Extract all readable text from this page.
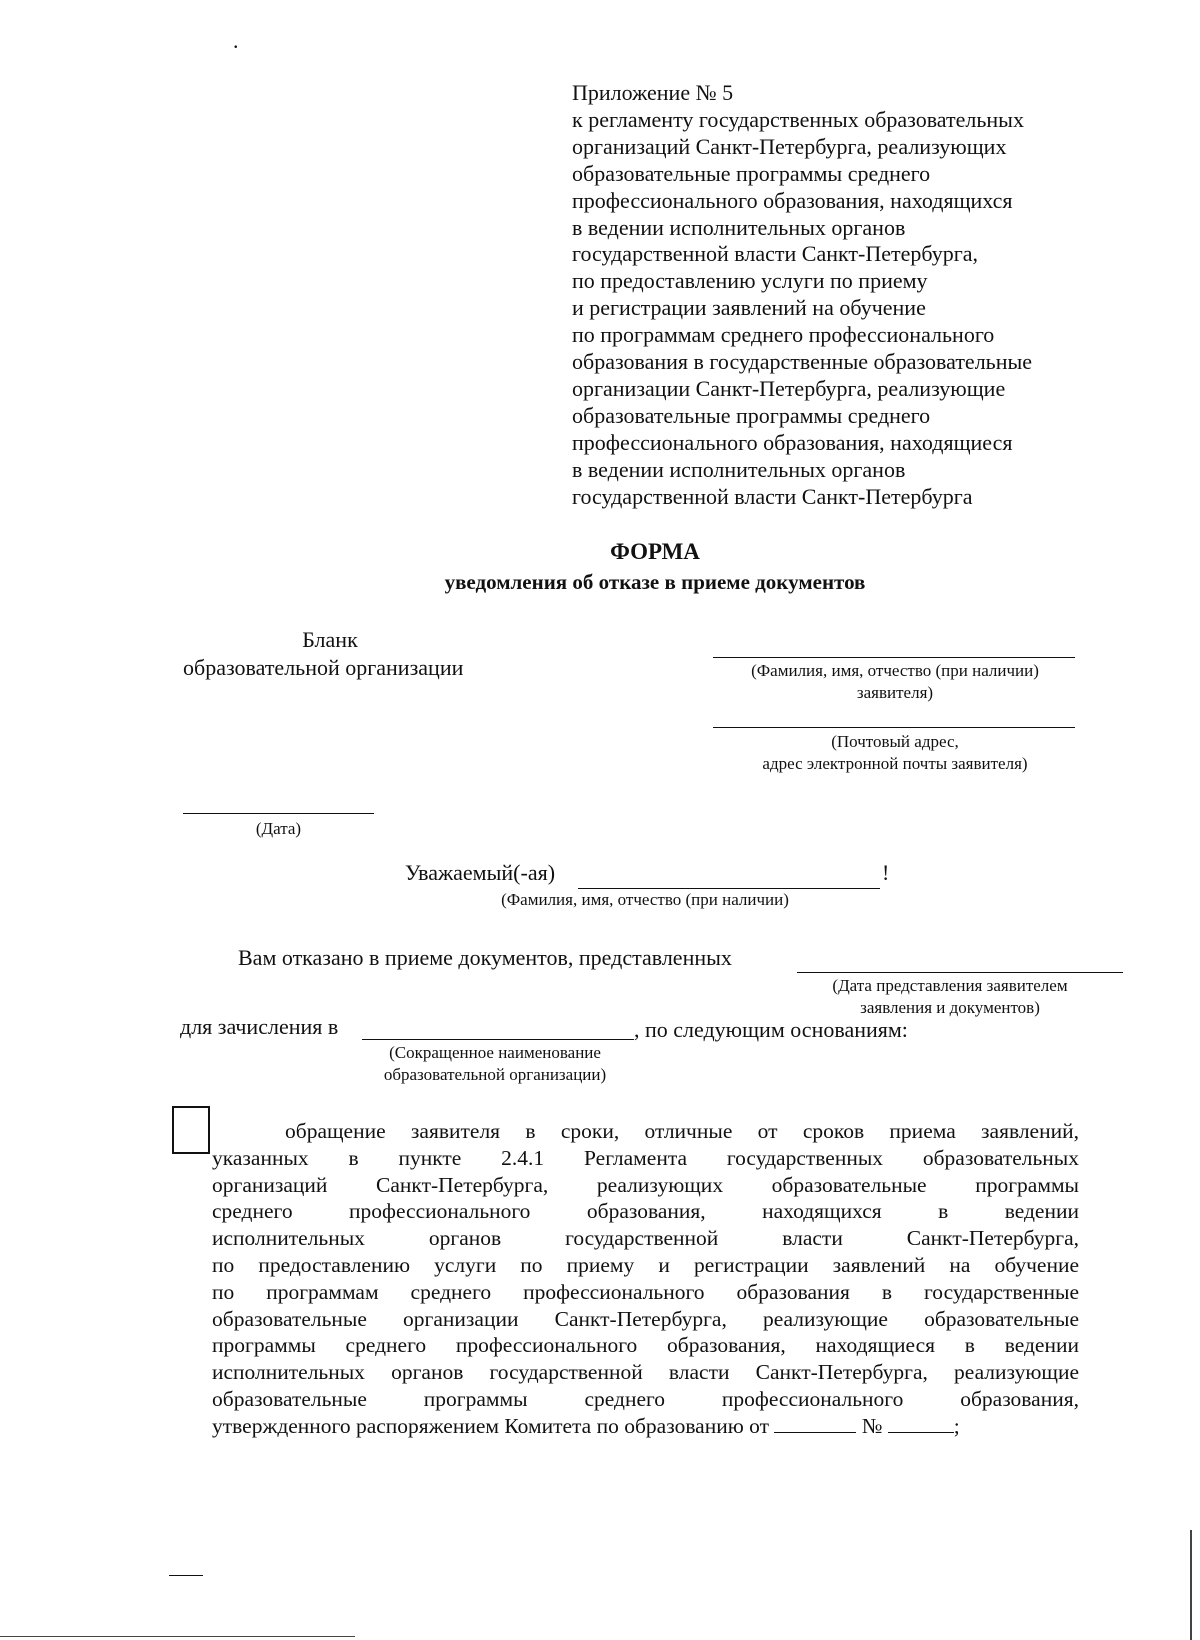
.
Приложение № 5
к регламенту государственных образовательных
организаций Санкт-Петербурга, реализующих
образовательные программы среднего
профессионального образования, находящихся
в ведении исполнительных органов
государственной власти Санкт-Петербурга,
по предоставлению услуги по приему
и регистрации заявлений на обучение
по программам среднего профессионального
образования в государственные образовательные
организации Санкт-Петербурга, реализующие
образовательные программы среднего
профессионального образования, находящиеся
в ведении исполнительных органов
государственной власти Санкт-Петербурга
ФОРМА
уведомления об отказе в приеме документов
Бланк
образовательной организации	(Фамилия, имя, отчество (при наличии)
заявителя)
(Почтовый адрес,
адрес электронной почты заявителя)
(Дата)
Уважаемый(-ая)	!
(Фамилия, имя, отчество (при наличии)
Вам отказано в приеме документов, представленных
(Дата представления заявителем
заявления и документов)
для зачисления в	, по следующим основаниям:
(Сокращенное наименование
образовательной организации)
обращение заявителя в сроки, отличные от сроков приема заявлений,
указанных в пункте 2.4.1 Регламента государственных образовательных
организаций Санкт-Петербурга, реализующих образовательные программы
среднего профессионального образования, находящихся в ведении
исполнительных органов государственной власти Санкт-Петербурга,
по предоставлению услуги по приему и регистрации заявлений на обучение
по программам среднего профессионального образования в государственные
образовательные организации Санкт-Петербурга, реализующие образовательные
программы среднего профессионального образования, находящиеся в ведении
исполнительных органов государственной власти Санкт-Петербурга, реализующие
образовательные программы среднего профессионального образования,
утвержденного распоряжением Комитета по образованию от	№	;
